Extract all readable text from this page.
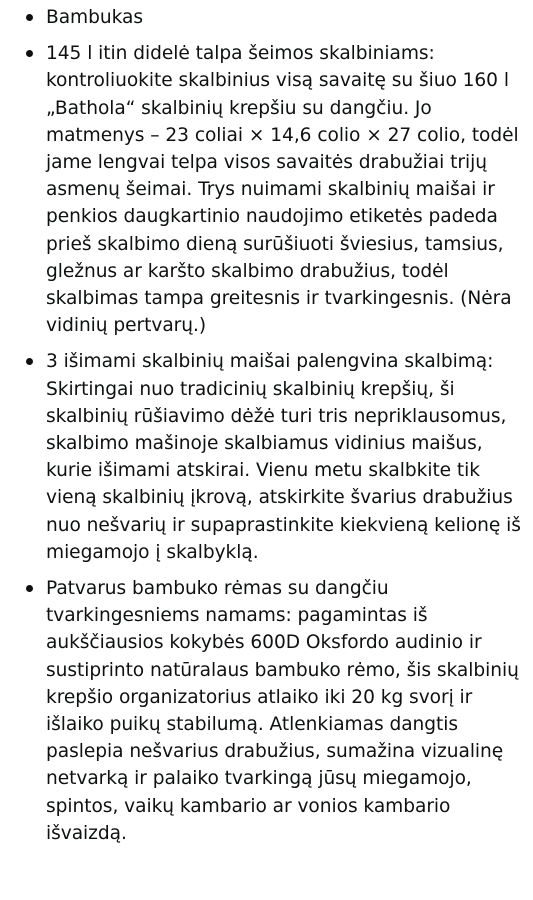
Bambukas
145 l itin didelė talpa šeimos skalbiniams: kontroliuokite skalbinius visą savaitę su šiuo 160 l „Bathola“ skalbinių krepšiu su dangčiu. Jo matmenys – 23 coliai × 14,6 colio × 27 colio, todėl jame lengvai telpa visos savaitės drabužiai trijų asmenų šeimai. Trys nuimami skalbinių maišai ir penkios daugkartinio naudojimo etiketės padeda prieš skalbimo dieną surūšiuoti šviesius, tamsius, gležnus ar karšto skalbimo drabužius, todėl skalbimas tampa greitesnis ir tvarkingesnis. (Nėra vidinių pertvarų.)
3 išimami skalbinių maišai palengvina skalbimą: Skirtingai nuo tradicinių skalbinių krepšių, ši skalbinių rūšiavimo dėžė turi tris nepriklausomus, skalbimo mašinoje skalbiamus vidinius maišus, kurie išimami atskirai. Vienu metu skalbkite tik vieną skalbinių įkrovą, atskirkite švarius drabužius nuo nešvarių ir supaprastinkite kiekvieną kelionę iš miegamojo į skalbyklą.
Patvarus bambuko rėmas su dangčiu tvarkingesniems namams: pagamintas iš aukščiausios kokybės 600D Oksfordo audinio ir sustiprinto natūralaus bambuko rėmo, šis skalbinių krepšio organizatorius atlaiko iki 20 kg svorį ir išlaiko puikų stabilumą. Atlenkiamas dangtis paslepia nešvarius drabužius, sumažina vizualinę netvarką ir palaiko tvarkingą jūsų miegamojo, spintos, vaikų kambario ar vonios kambario išvaizdą.
